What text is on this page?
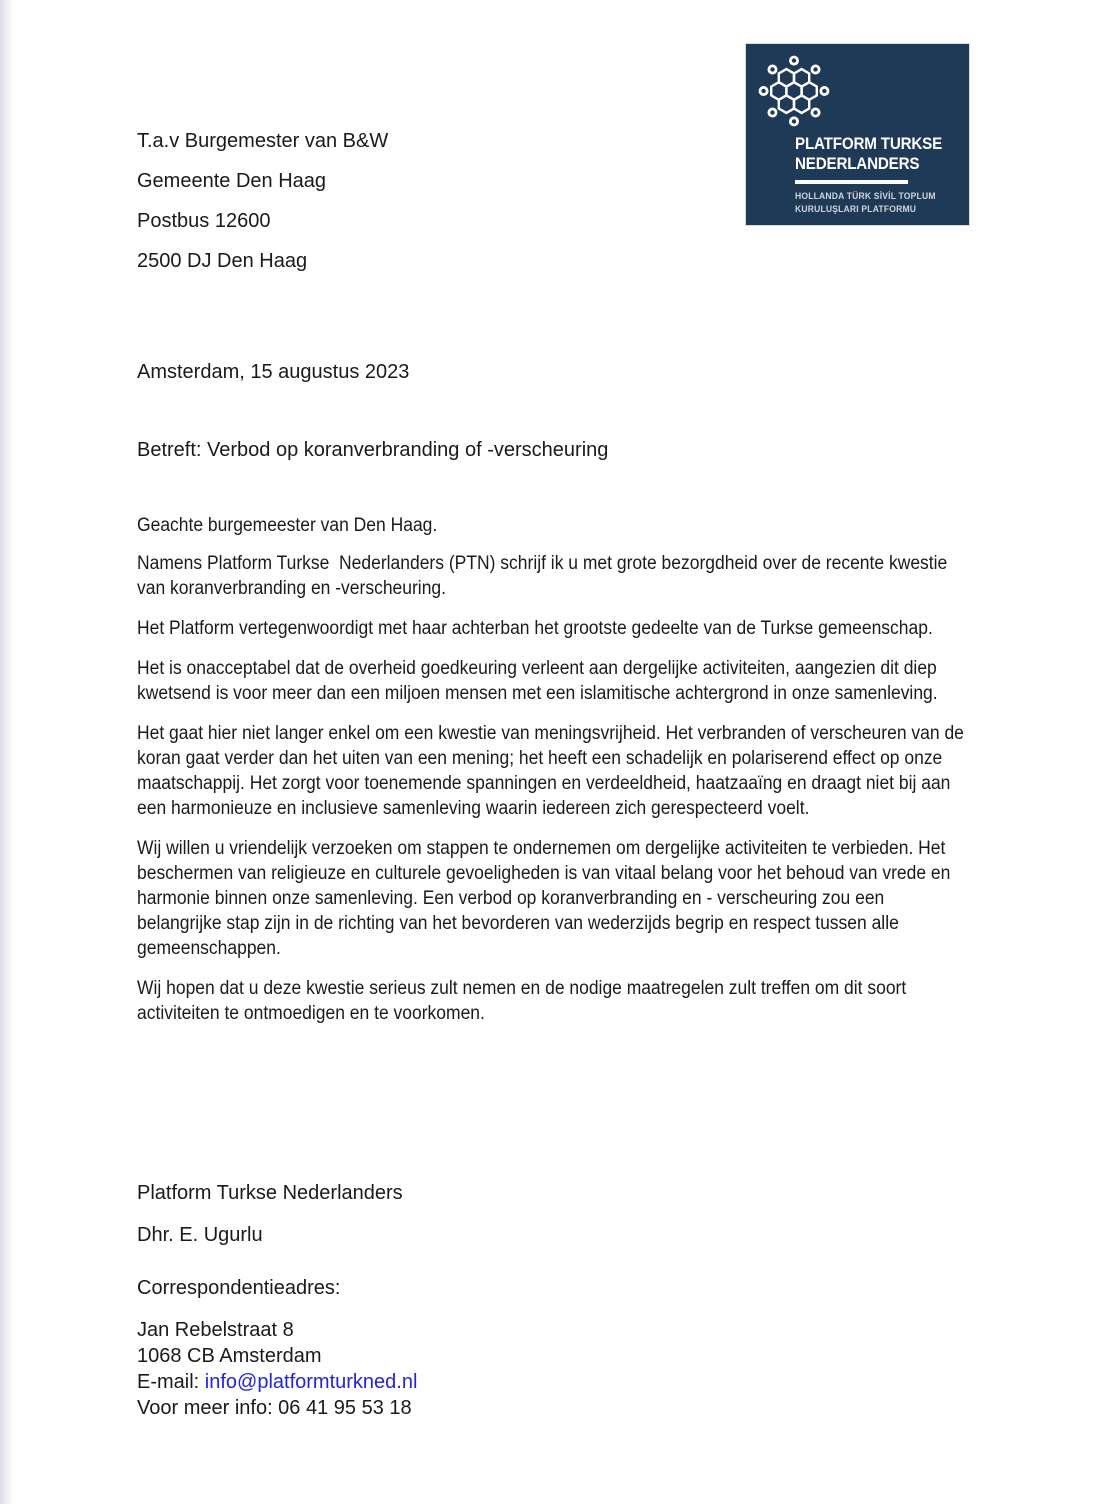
T.a.v Burgemester van B&W
Gemeente Den Haag
Postbus 12600
2500 DJ Den Haag
PLATFORM TURKSE
NEDERLANDERS
HOLLANDA TÜRK SİVİL TOPLUM
KURULUŞLARI PLATFORMU
Amsterdam, 15 augustus 2023
Betreft: Verbod op koranverbranding of -verscheuring

Geachte burgemeester van Den Haag.

Namens Platform Turkse  Nederlanders (PTN) schrijf ik u met grote bezorgdheid over de recente kwestie van koranverbranding en -verscheuring.

Het Platform vertegenwoordigt met haar achterban het grootste gedeelte van de Turkse gemeenschap.

Het is onacceptabel dat de overheid goedkeuring verleent aan dergelijke activiteiten, aangezien dit diep kwetsend is voor meer dan een miljoen mensen met een islamitische achtergrond in onze samenleving.

Het gaat hier niet langer enkel om een kwestie van meningsvrijheid. Het verbranden of verscheuren van de koran gaat verder dan het uiten van een mening; het heeft een schadelijk en polariserend effect op onze maatschappij. Het zorgt voor toenemende spanningen en verdeeldheid, haatzaaïng en draagt niet bij aan een harmonieuze en inclusieve samenleving waarin iedereen zich gerespecteerd voelt.

Wij willen u vriendelijk verzoeken om stappen te ondernemen om dergelijke activiteiten te verbieden. Het beschermen van religieuze en culturele gevoeligheden is van vitaal belang voor het behoud van vrede en harmonie binnen onze samenleving. Een verbod op koranverbranding en - verscheuring zou een belangrijke stap zijn in de richting van het bevorderen van wederzijds begrip en respect tussen alle gemeenschappen.

Wij hopen dat u deze kwestie serieus zult nemen en de nodige maatregelen zult treffen om dit soort activiteiten te ontmoedigen en te voorkomen.

Platform Turkse Nederlanders
Dhr. E. Ugurlu
Correspondentieadres:
Jan Rebelstraat 8
1068 CB Amsterdam
E-mail: info@platformturkned.nl
Voor meer info: 06 41 95 53 18
